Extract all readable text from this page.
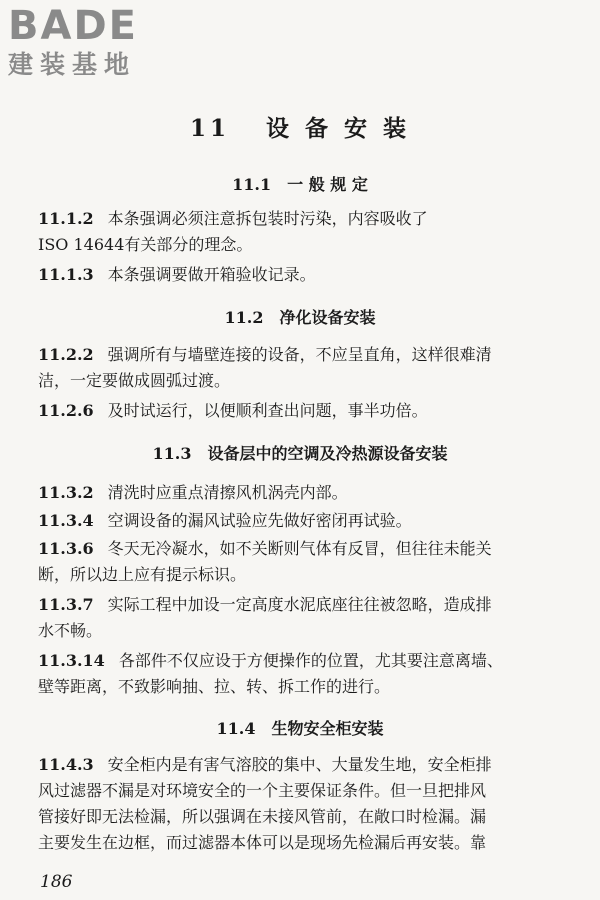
BADE
建装基地
11 设 备 安 装
11.1 一 般 规 定
11.1.2 本条强调必须注意拆包装时污染，内容吸收了
ISO 14644有关部分的理念。
11.1.3 本条强调要做开箱验收记录。
11.2 净化设备安装
11.2.2 强调所有与墙壁连接的设备，不应呈直角，这样很难清
洁，一定要做成圆弧过渡。
11.2.6 及时试运行，以便顺利查出问题，事半功倍。
11.3 设备层中的空调及冷热源设备安装
11.3.2 清洗时应重点清擦风机涡壳内部。
11.3.4 空调设备的漏风试验应先做好密闭再试验。
11.3.6 冬天无冷凝水，如不关断则气体有反冒，但往往未能关
断，所以边上应有提示标识。
11.3.7 实际工程中加设一定高度水泥底座往往被忽略，造成排
水不畅。
11.3.14 各部件不仅应设于方便操作的位置，尤其要注意离墙、
壁等距离，不致影响抽、拉、转、拆工作的进行。
11.4 生物安全柜安装
11.4.3 安全柜内是有害气溶胶的集中、大量发生地，安全柜排
风过滤器不漏是对环境安全的一个主要保证条件。但一旦把排风
管接好即无法检漏，所以强调在未接风管前，在敞口时检漏。漏
主要发生在边框，而过滤器本体可以是现场先检漏后再安装。靠
186
